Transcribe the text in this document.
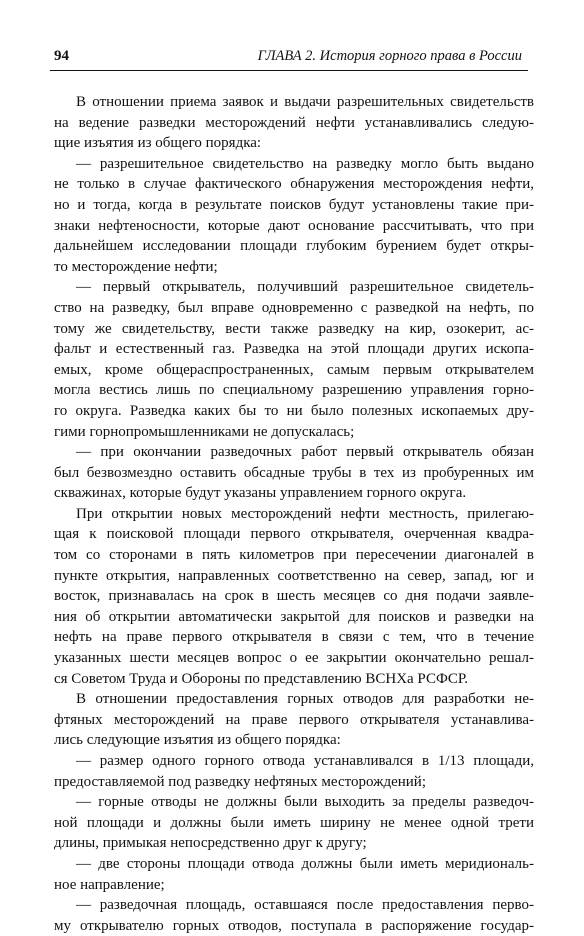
94	ГЛАВА 2. История горного права в России
В отношении приема заявок и выдачи разрешительных свидетельств
на ведение разведки месторождений нефти устанавливались следую-
щие изъятия из общего порядка:
— разрешительное свидетельство на разведку могло быть выдано
не только в случае фактического обнаружения месторождения нефти,
но и тогда, когда в результате поисков будут установлены такие при-
знаки нефтеносности, которые дают основание рассчитывать, что при
дальнейшем исследовании площади глубоким бурением будет откры-
то месторождение нефти;
— первый открыватель, получивший разрешительное свидетель-
ство на разведку, был вправе одновременно с разведкой на нефть, по
тому же свидетельству, вести также разведку на кир, озокерит, ас-
фальт и естественный газ. Разведка на этой площади других ископа-
емых, кроме общераспространенных, самым первым открывателем
могла вестись лишь по специальному разрешению управления горно-
го округа. Разведка каких бы то ни было полезных ископаемых дру-
гими горнопромышленниками не допускалась;
— при окончании разведочных работ первый открыватель обязан
был безвозмездно оставить обсадные трубы в тех из пробуренных им
скважинах, которые будут указаны управлением горного округа.
При открытии новых месторождений нефти местность, прилегаю-
щая к поисковой площади первого открывателя, очерченная квадра-
том со сторонами в пять километров при пересечении диагоналей в
пункте открытия, направленных соответственно на север, запад, юг и
восток, признавалась на срок в шесть месяцев со дня подачи заявле-
ния об открытии автоматически закрытой для поисков и разведки на
нефть на праве первого открывателя в связи с тем, что в течение
указанных шести месяцев вопрос о ее закрытии окончательно решал-
ся Советом Труда и Обороны по представлению ВСНХа РСФСР.
В отношении предоставления горных отводов для разработки не-
фтяных месторождений на праве первого открывателя устанавлива-
лись следующие изъятия из общего порядка:
— размер одного горного отвода устанавливался в 1/13 площади,
предоставляемой под разведку нефтяных месторождений;
— горные отводы не должны были выходить за пределы разведоч-
ной площади и должны были иметь ширину не менее одной трети
длины, примыкая непосредственно друг к другу;
— две стороны площади отвода должны были иметь меридиональ-
ное направление;
— разведочная площадь, оставшаяся после предоставления перво-
му открывателю горных отводов, поступала в распоряжение государ-
